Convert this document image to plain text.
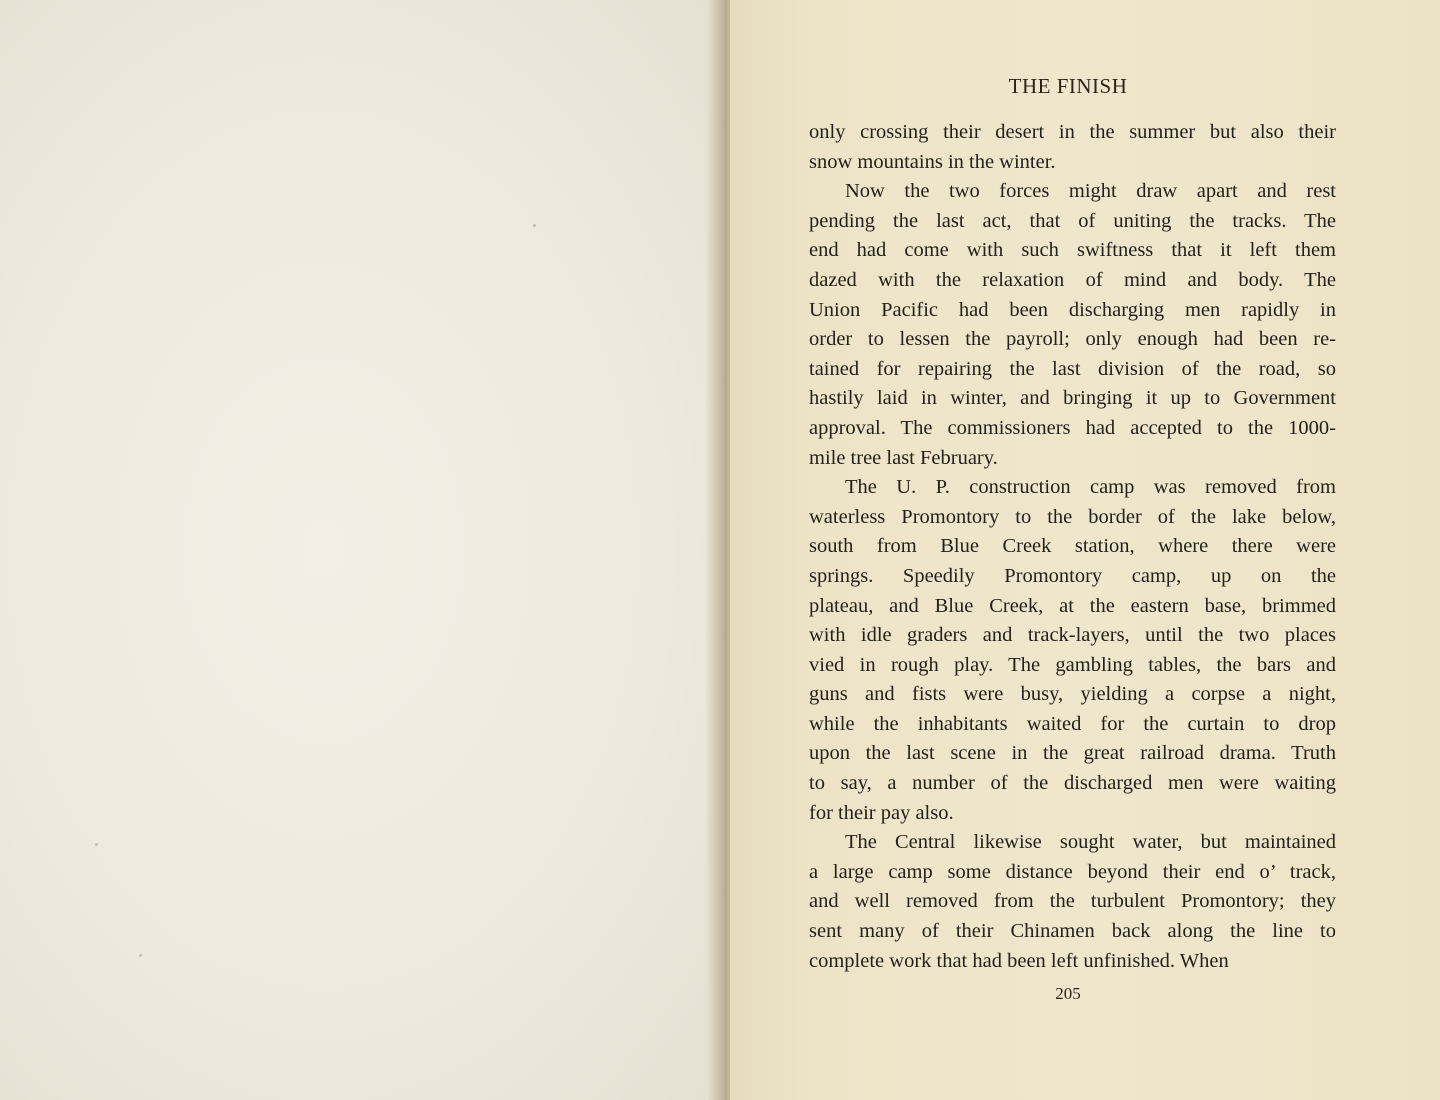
THE FINISH

only crossing their desert in the summer but also their
snow mountains in the winter.

Now the two forces might draw apart and rest
pending the last act, that of uniting the tracks. The
end had come with such swiftness that it left them
dazed with the relaxation of mind and body. The
Union Pacific had been discharging men rapidly in
order to lessen the payroll; only enough had been re-
tained for repairing the last division of the road, so
hastily laid in winter, and bringing it up to Government
approval. The commissioners had accepted to the 1000-
mile tree last February.

The U. P. construction camp was removed from
waterless Promontory to the border of the lake below,
south from Blue Creek station, where there were
springs. Speedily Promontory camp, up on the
plateau, and Blue Creek, at the eastern base, brimmed
with idle graders and track-layers, until the two places
vied in rough play. The gambling tables, the bars and
guns and fists were busy, yielding a corpse a night,
while the inhabitants waited for the curtain to drop
upon the last scene in the great railroad drama. Truth
to say, a number of the discharged men were waiting
for their pay also.

The Central likewise sought water, but maintained
a large camp some distance beyond their end o’ track,
and well removed from the turbulent Promontory; they
sent many of their Chinamen back along the line to
complete work that had been left unfinished. When

205
